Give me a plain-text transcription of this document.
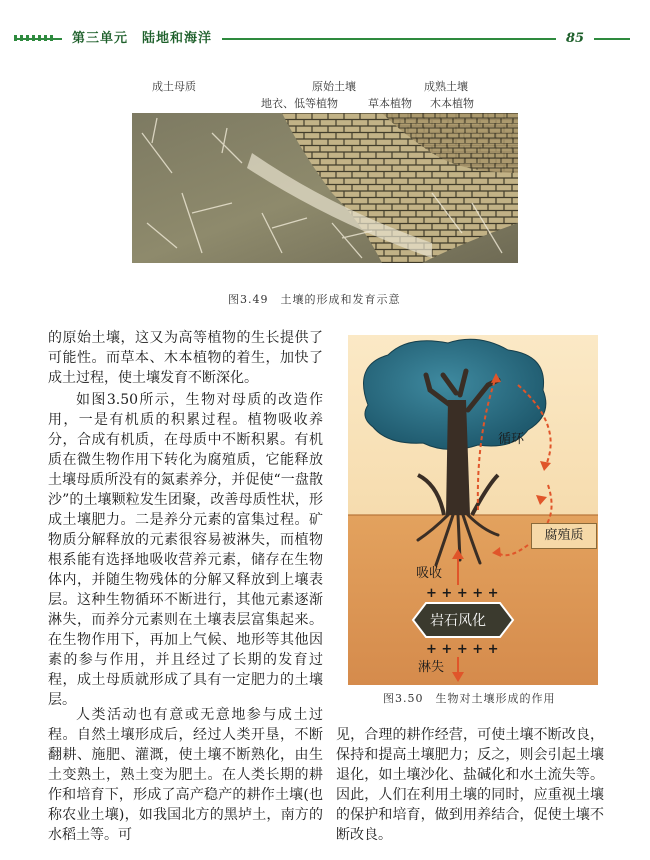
第三单元　陆地和海洋	85
成土母质	原始土壤	成熟土壤
地衣、低等植物	草本植物 木本植物
图3.49　土壤的形成和发育示意

的原始土壤，这又为高等植物的生长提供了可能性。而草本、木本植物的着生，加快了成土过程，使土壤发育不断深化。

如图3.50所示，生物对母质的改造作用，一是有机质的积累过程。植物吸收养分，合成有机质，在母质中不断积累。有机质在微生物作用下转化为腐殖质，它能释放土壤母质所没有的氮素养分，并促使“一盘散沙”的土壤颗粒发生团聚，改善母质性状，形成土壤肥力。二是养分元素的富集过程。矿物质分解释放的元素很容易被淋失，而植物根系能有选择地吸收营养元素，储存在生物体内，并随生物残体的分解又释放到上壤表层。这种生物循环不断进行，其他元素逐渐淋失，而养分元素则在土壤表层富集起来。在生物作用下，再加上气候、地形等其他因素的参与作用，并且经过了长期的发育过程，成土母质就形成了具有一定肥力的土壤层。

人类活动也有意或无意地参与成土过程。自然土壤形成后，经过人类开垦，不断翻耕、施肥、灌溉，使土壤不断熟化，由生土变熟土，熟土变为肥土。在人类长期的耕作和培育下，形成了高产稳产的耕作土壤(也称农业土壤)，如我国北方的黑垆土，南方的水稻土等。可

见，合理的耕作经营，可使土壤不断改良，保持和提高土壤肥力；反之，则会引起土壤退化，如土壤沙化、盐碱化和水土流失等。因此，人们在利用土壤的同时，应重视土壤的保护和培育，做到用养结合，促使土壤不断改良。

循环
吸收
+ + + + +
岩石风化
+ + + + +
淋失
腐殖质
图3.50　生物对土壤形成的作用
